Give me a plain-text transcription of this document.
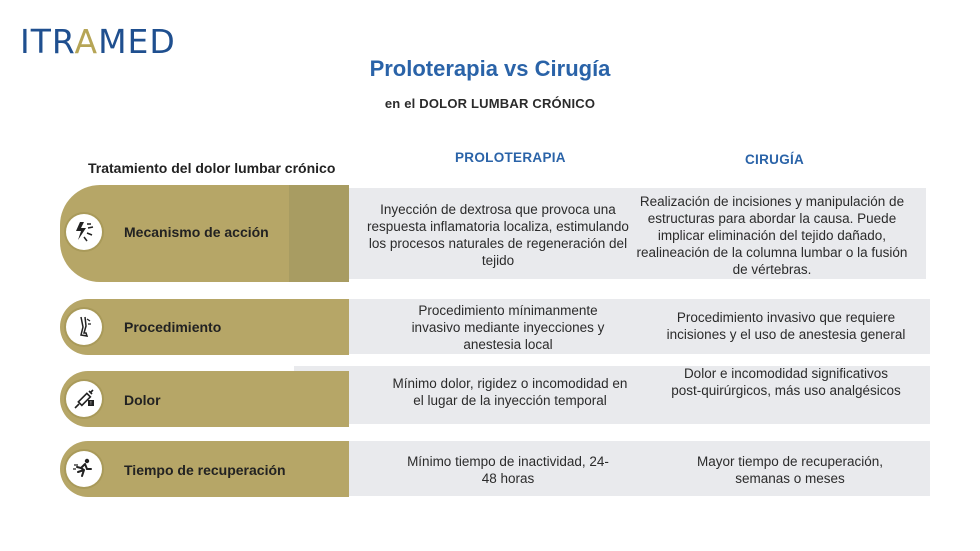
ITRAMED
Proloterapia vs Cirugía
en el DOLOR LUMBAR CRÓNICO
PROLOTERAPIA	CIRUGÍA
Tratamiento del dolor lumbar crónico
!
Mecanismo de acción
Procedimiento
Dolor
Tiempo de recuperación
Inyección de dextrosa que provoca una respuesta inflamatoria localiza, estimulando los procesos naturales de regeneración del tejido
Realización de incisiones y manipulación de estructuras para abordar la causa. Puede implicar eliminación del tejido dañado, realineación de la columna lumbar o la fusión de vértebras.
Procedimiento mínimanmente invasivo mediante inyecciones y anestesia local
Procedimiento invasivo que requiere incisiones y el uso de anestesia general
Mínimo dolor, rigidez o incomodidad en el lugar de la inyección temporal
Dolor e incomodidad significativos post-quirúrgicos, más uso analgésicos
Mínimo tiempo de inactividad, 24-48 horas
Mayor tiempo de recuperación, semanas o meses
